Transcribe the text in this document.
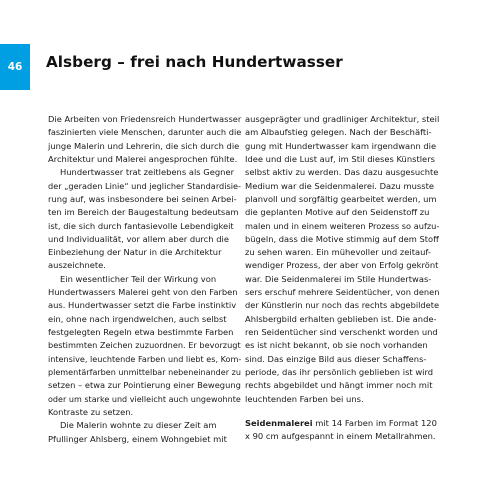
46 Alsberg – frei nach Hundertwasser
Die Arbeiten von Friedensreich Hundertwasser
faszinierten viele Menschen, darunter auch die
junge Malerin und Lehrerin, die sich durch die
Architektur und Malerei angesprochen fühlte.
Hundertwasser trat zeitlebens als Gegner
der „geraden Linie“ und jeglicher Standardisie-
rung auf, was insbesondere bei seinen Arbei-
ten im Bereich der Baugestaltung bedeutsam
ist, die sich durch fantasievolle Lebendigkeit
und Individualität, vor allem aber durch die
Einbeziehung der Natur in die Architektur
auszeichnete.
Ein wesentlicher Teil der Wirkung von
Hundertwassers Malerei geht von den Farben
aus. Hundertwasser setzt die Farbe instinktiv
ein, ohne nach irgendwelchen, auch selbst
festgelegten Regeln etwa bestimmte Farben
bestimmten Zeichen zuzuordnen. Er bevorzugt
intensive, leuchtende Farben und liebt es, Kom-
plementärfarben unmittelbar nebeneinander zu
setzen – etwa zur Pointierung einer Bewegung
oder um starke und vielleicht auch ungewohnte
Kontraste zu setzen.
Die Malerin wohnte zu dieser Zeit am
Pfullinger Ahlsberg, einem Wohngebiet mit
ausgeprägter und gradliniger Architektur, steil
am Albaufstieg gelegen. Nach der Beschäfti-
gung mit Hundertwasser kam irgendwann die
Idee und die Lust auf, im Stil dieses Künstlers
selbst aktiv zu werden. Das dazu ausgesuchte
Medium war die Seidenmalerei. Dazu musste
planvoll und sorgfältig gearbeitet werden, um
die geplanten Motive auf den Seidenstoff zu
malen und in einem weiteren Prozess so aufzu-
bügeln, dass die Motive stimmig auf dem Stoff
zu sehen waren. Ein mühevoller und zeitauf-
wendiger Prozess, der aber von Erfolg gekrönt
war. Die Seidenmalerei im Stile Hundertwas-
sers erschuf mehrere Seidentücher, von denen
der Künstlerin nur noch das rechts abgebildete
Ahlsbergbild erhalten geblieben ist. Die ande-
ren Seidentücher sind verschenkt worden und
es ist nicht bekannt, ob sie noch vorhanden
sind. Das einzige Bild aus dieser Schaffens-
periode, das ihr persönlich geblieben ist wird
rechts abgebildet und hängt immer noch mit
leuchtenden Farben bei uns.
Seidenmalerei mit 14 Farben im Format 120
x 90 cm aufgespannt in einem Metallrahmen.
